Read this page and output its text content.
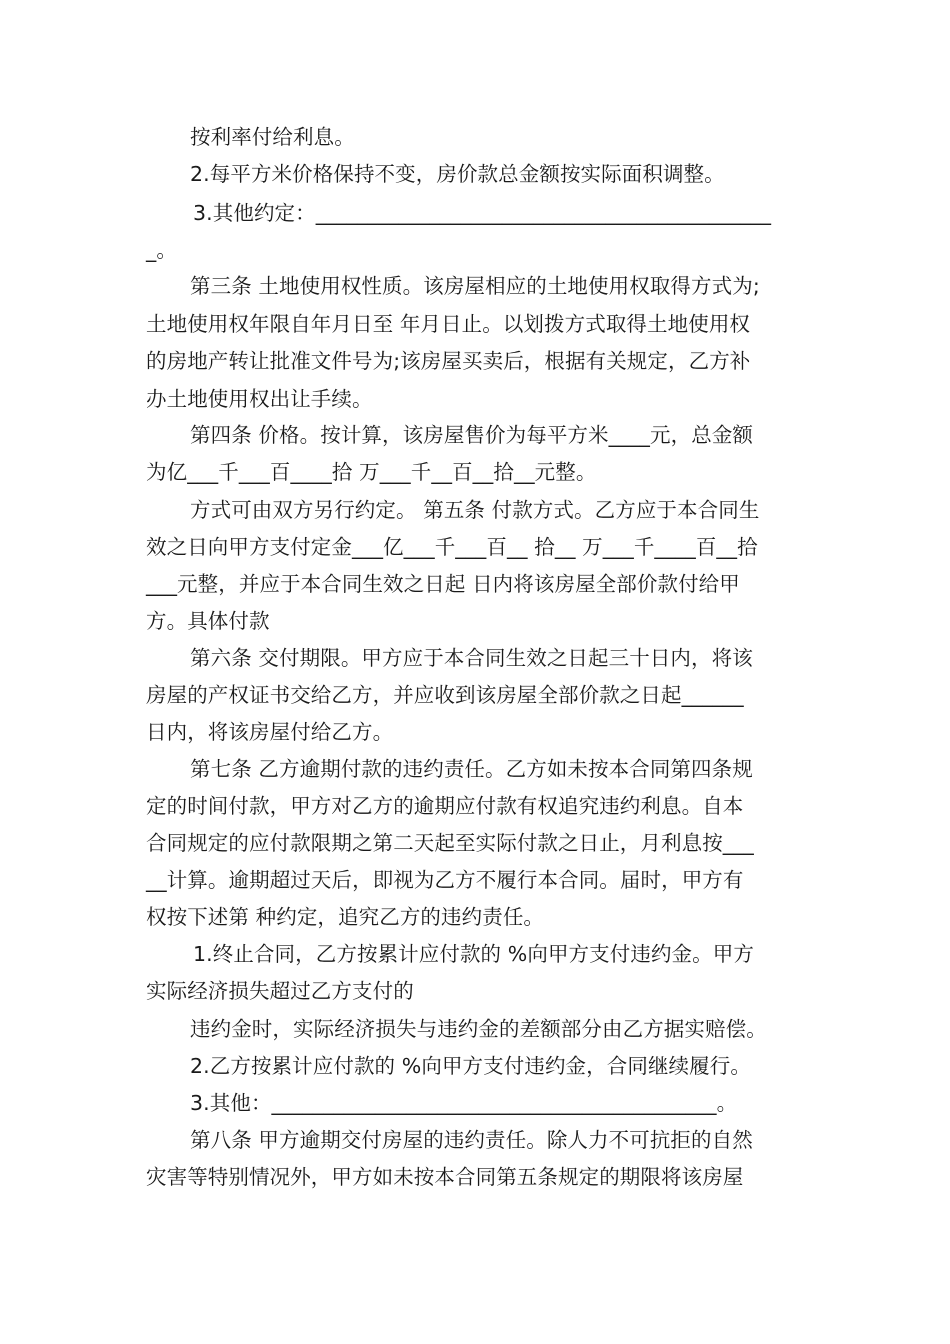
按利率付给利息。
2.每平方米价格保持不变，房价款总金额按实际面积调整。
3.其他约定：____________________________________________
_。
第三条 土地使用权性质。该房屋相应的土地使用权取得方式为;
土地使用权年限自年月日至 年月日止。以划拨方式取得土地使用权
的房地产转让批准文件号为;该房屋买卖后，根据有关规定，乙方补
办土地使用权出让手续。
第四条 价格。按计算，该房屋售价为每平方米____元，总金额
为亿___千___百____拾 万___千__百__拾__元整。
方式可由双方另行约定。 第五条 付款方式。乙方应于本合同生
效之日向甲方支付定金___亿___千___百__ 拾__ 万___千____百__拾
___元整，并应于本合同生效之日起 日内将该房屋全部价款付给甲
方。具体付款
第六条 交付期限。甲方应于本合同生效之日起三十日内，将该
房屋的产权证书交给乙方，并应收到该房屋全部价款之日起______
日内，将该房屋付给乙方。
第七条 乙方逾期付款的违约责任。乙方如未按本合同第四条规
定的时间付款，甲方对乙方的逾期应付款有权追究违约利息。自本
合同规定的应付款限期之第二天起至实际付款之日止，月利息按___
__计算。逾期超过天后，即视为乙方不履行本合同。届时，甲方有
权按下述第 种约定，追究乙方的违约责任。
1.终止合同，乙方按累计应付款的 %向甲方支付违约金。甲方
实际经济损失超过乙方支付的
违约金时，实际经济损失与违约金的差额部分由乙方据实赔偿。
2.乙方按累计应付款的 %向甲方支付违约金，合同继续履行。
3.其他：___________________________________________。
第八条 甲方逾期交付房屋的违约责任。除人力不可抗拒的自然
灾害等特别情况外，甲方如未按本合同第五条规定的期限将该房屋
